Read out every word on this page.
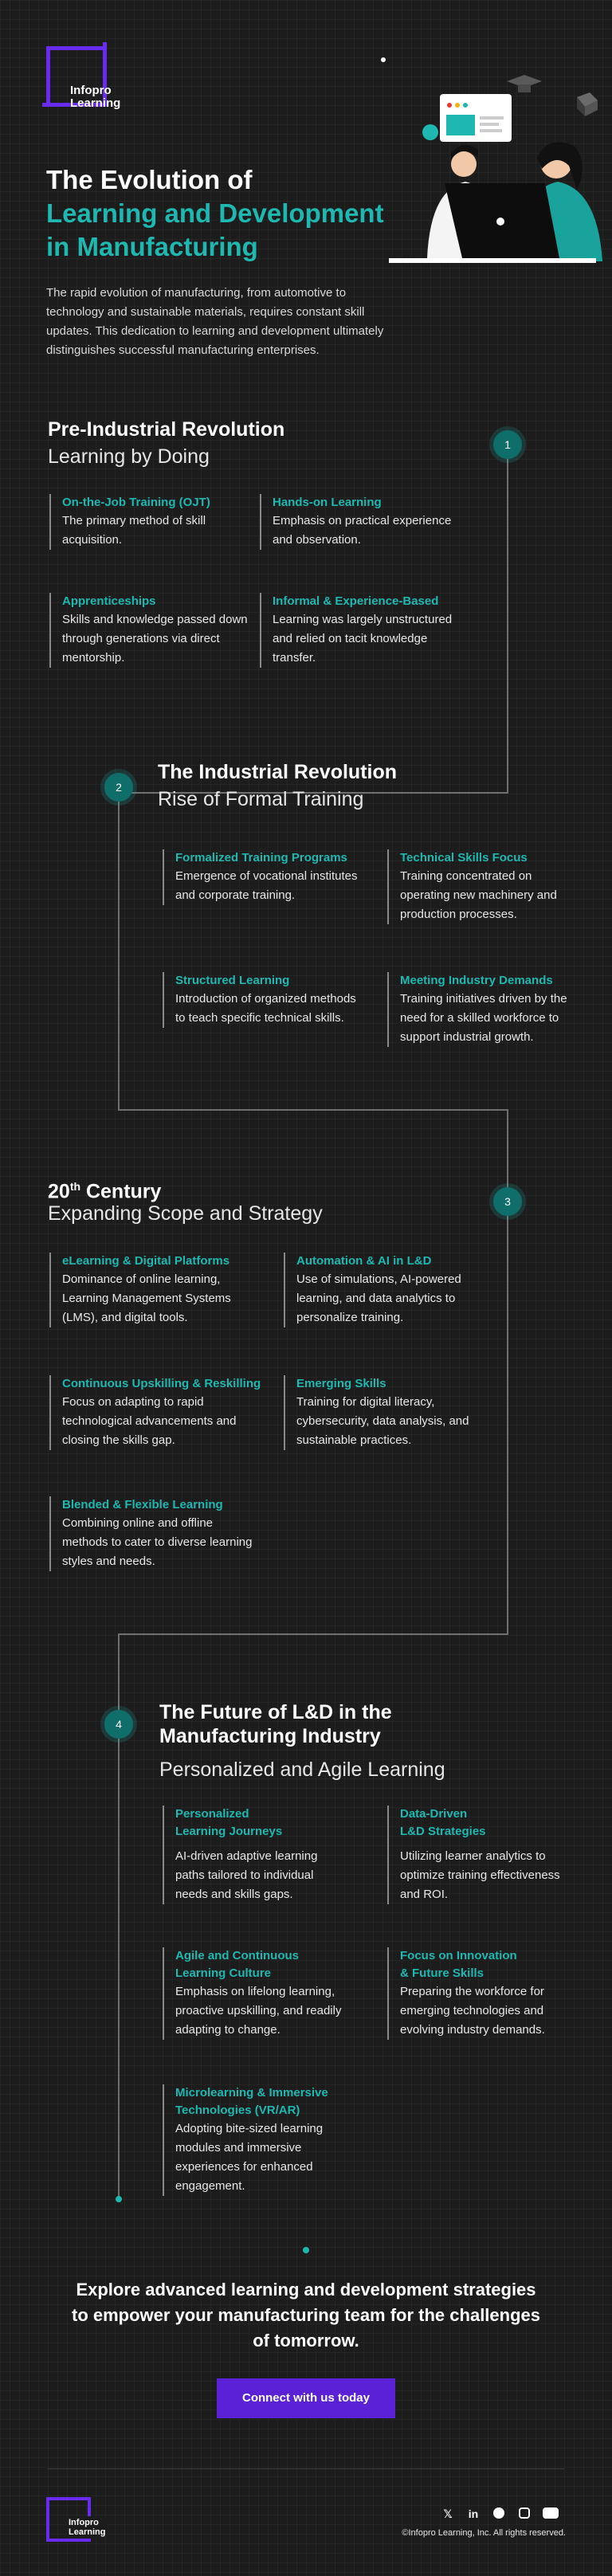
Infopro
Learning
The Evolution of
Learning and Development
in Manufacturing

The rapid evolution of manufacturing, from automotive to technology and sustainable materials, requires constant skill updates. This dedication to learning and development ultimately distinguishes successful manufacturing enterprises.

1
Pre-Industrial Revolution
Learning by Doing
On-the-Job Training (OJT)
The primary method of skill acquisition.
Hands-on Learning
Emphasis on practical experience and observation.
Apprenticeships
Skills and knowledge passed down through generations via direct mentorship.
Informal & Experience-Based
Learning was largely unstructured and relied on tacit knowledge transfer.
2
The Industrial Revolution
Rise of Formal Training
Formalized Training Programs
Emergence of vocational institutes and corporate training.
Technical Skills Focus
Training concentrated on operating new machinery and production processes.
Structured Learning
Introduction of organized methods to teach specific technical skills.
Meeting Industry Demands
Training initiatives driven by the need for a skilled workforce to support industrial growth.
3
20th Century
Expanding Scope and Strategy
eLearning & Digital Platforms
Dominance of online learning, Learning Management Systems (LMS), and digital tools.
Automation & AI in L&D
Use of simulations, AI-powered learning, and data analytics to personalize training.
Continuous Upskilling & Reskilling
Focus on adapting to rapid technological advancements and closing the skills gap.
Emerging Skills
Training for digital literacy, cybersecurity, data analysis, and sustainable practices.
Blended & Flexible Learning
Combining online and offline methods to cater to diverse learning styles and needs.
4
The Future of L&D in the
Manufacturing Industry
Personalized and Agile Learning
Personalized
Learning Journeys
AI-driven adaptive learning paths tailored to individual needs and skills gaps.
Data-Driven
L&D Strategies
Utilizing learner analytics to optimize training effectiveness and ROI.
Agile and Continuous
Learning Culture
Emphasis on lifelong learning, proactive upskilling, and readily adapting to change.
Focus on Innovation
& Future Skills
Preparing the workforce for emerging technologies and evolving industry demands.
Microlearning & Immersive
Technologies (VR/AR)
Adopting bite-sized learning modules and immersive experiences for enhanced engagement.
Explore advanced learning and development strategies to empower your manufacturing team for the challenges of tomorrow.
Connect with us today
Infopro
Learning
𝕏	in
©Infopro Learning, Inc. All rights reserved.
